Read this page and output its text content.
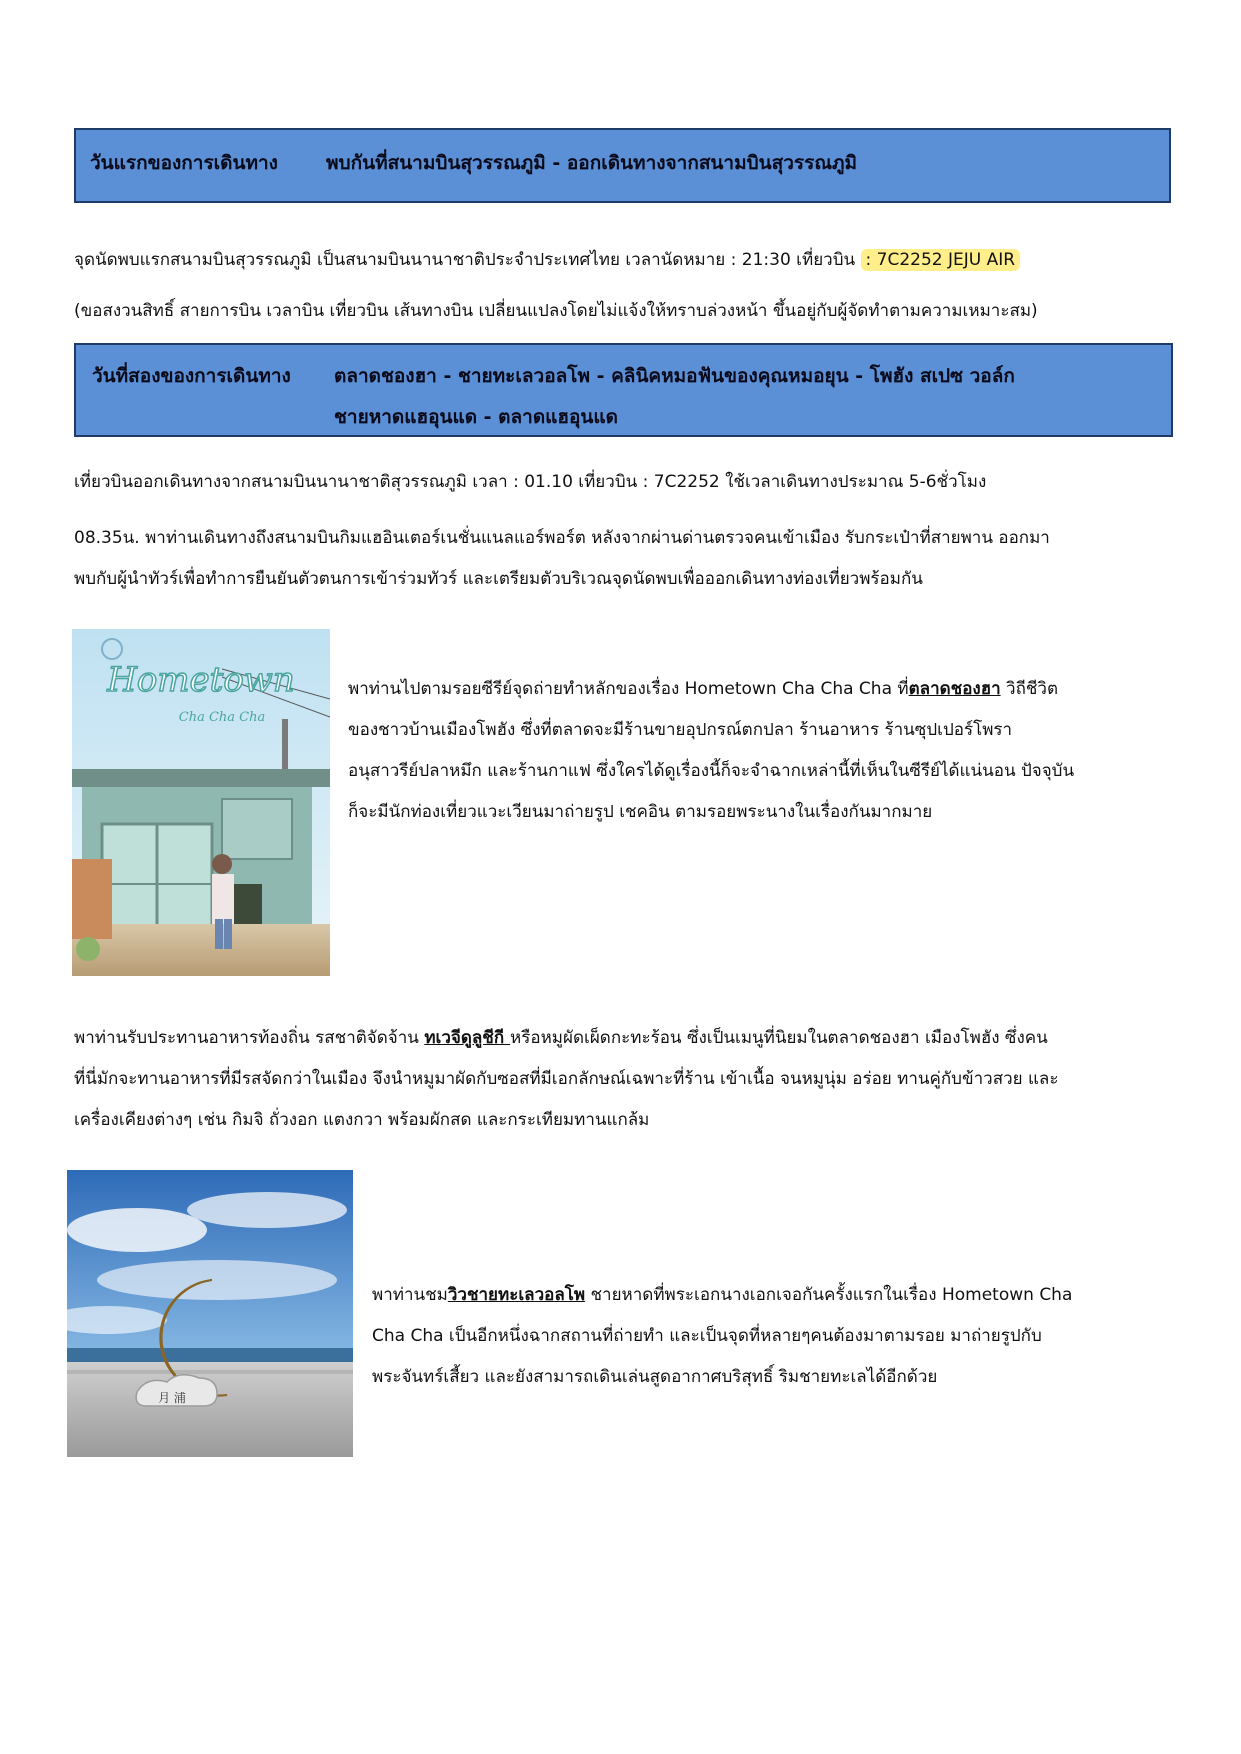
วันแรกของการเดินทาง	พบกันที่สนามบินสุวรรณภูมิ - ออกเดินทางจากสนามบินสุวรรณภูมิ
จุดนัดพบแรกสนามบินสุวรรณภูมิ เป็นสนามบินนานาชาติประจำประเทศไทย เวลานัดหมาย : 21:30 เที่ยวบิน : 7C2252 JEJU AIR
(ขอสงวนสิทธิ์ สายการบิน เวลาบิน เที่ยวบิน เส้นทางบิน เปลี่ยนแปลงโดยไม่แจ้งให้ทราบล่วงหน้า ขึ้นอยู่กับผู้จัดทำตามความเหมาะสม)
วันที่สองของการเดินทาง ตลาดชองฮา - ชายทะเลวอลโพ - คลินิคหมอฟันของคุณหมอยุน - โพฮัง สเปซ วอล์ก
ชายหาดแฮอุนแด - ตลาดแฮอุนแด
เที่ยวบินออกเดินทางจากสนามบินนานาชาติสุวรรณภูมิ เวลา : 01.10 เที่ยวบิน : 7C2252 ใช้เวลาเดินทางประมาณ 5-6ชั่วโมง
08.35น. พาท่านเดินทางถึงสนามบินกิมแฮอินเตอร์เนชั่นแนลแอร์พอร์ต หลังจากผ่านด่านตรวจคนเข้าเมือง รับกระเป๋าที่สายพาน ออกมา
พบกับผู้นำทัวร์เพื่อทำการยืนยันตัวตนการเข้าร่วมทัวร์ และเตรียมตัวบริเวณจุดนัดพบเพื่อออกเดินทางท่องเที่ยวพร้อมกัน
Hometown
Cha Cha Cha
พาท่านไปตามรอยซีรีย์จุดถ่ายทำหลักของเรื่อง Hometown Cha Cha Cha ที่ตลาดชองฮา วิถีชีวิต
ของชาวบ้านเมืองโพฮัง ซึ่งที่ตลาดจะมีร้านขายอุปกรณ์ตกปลา ร้านอาหาร ร้านซุปเปอร์โพรา
อนุสาวรีย์ปลาหมึก และร้านกาแฟ ซึ่งใครได้ดูเรื่องนี้ก็จะจำฉากเหล่านี้ที่เห็นในซีรีย์ได้แน่นอน ปัจจุบัน
ก็จะมีนักท่องเที่ยวแวะเวียนมาถ่ายรูป เชคอิน ตามรอยพระนางในเรื่องกันมากมาย
พาท่านรับประทานอาหารท้องถิ่น รสชาติจัดจ้าน ทเวจีดูลูชีกี หรือหมูผัดเผ็ดกะทะร้อน ซึ่งเป็นเมนูที่นิยมในตลาดชองฮา เมืองโพฮัง ซึ่งคน
ที่นี่มักจะทานอาหารที่มีรสจัดกว่าในเมือง จึงนำหมูมาผัดกับซอสที่มีเอกลักษณ์เฉพาะที่ร้าน เข้าเนื้อ จนหมูนุ่ม อร่อย ทานคู่กับข้าวสวย และ
เครื่องเคียงต่างๆ เช่น กิมจิ ถั่วงอก แตงกวา พร้อมผักสด และกระเทียมทานแกล้ม
月 浦
พาท่านชมวิวชายทะเลวอลโพ ชายหาดที่พระเอกนางเอกเจอกันครั้งแรกในเรื่อง Hometown Cha
Cha Cha เป็นอีกหนึ่งฉากสถานที่ถ่ายทำ และเป็นจุดที่หลายๆคนต้องมาตามรอย มาถ่ายรูปกับ
พระจันทร์เสี้ยว และยังสามารถเดินเล่นสูดอากาศบริสุทธิ์ ริมชายทะเลได้อีกด้วย
